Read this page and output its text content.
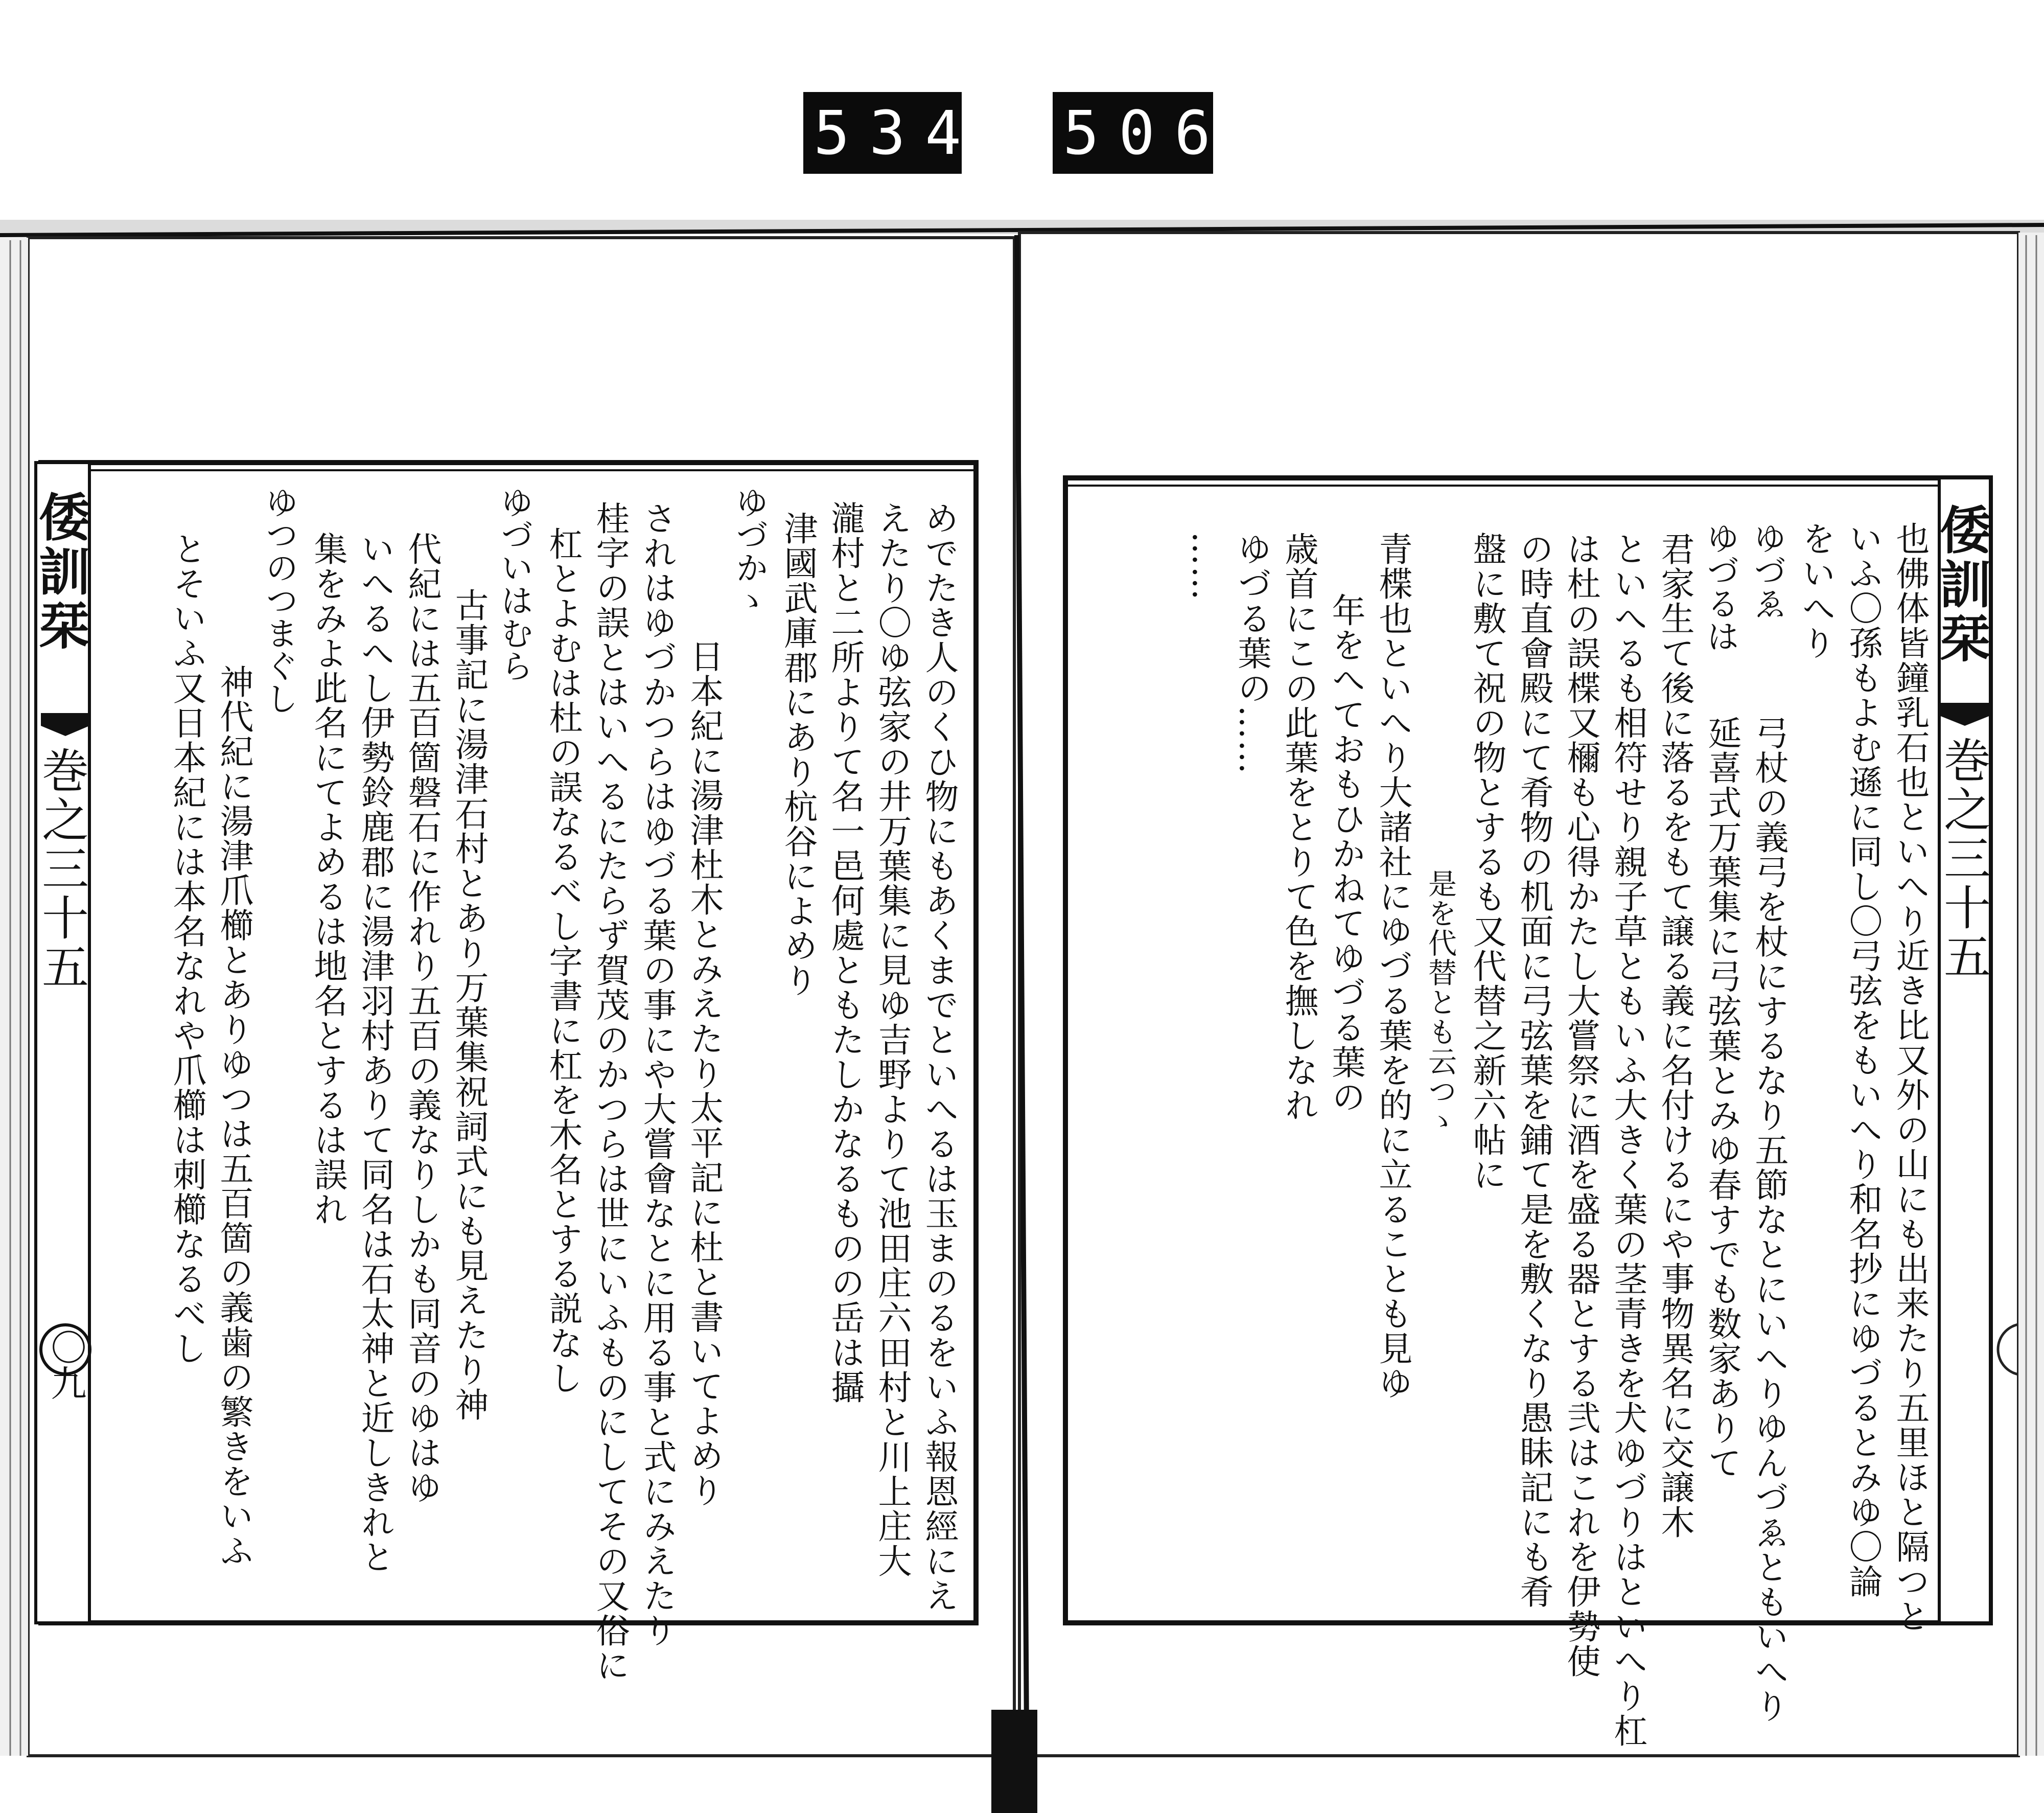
534 506.
倭訓栞
巻之三十五
也佛体皆鐘乳石也といへり近き比又外の山にも出来たり五里ほと隔つと
いふ〇孫もよむ遜に同し〇弓弦をもいへり和名抄にゆづるとみゆ〇論
をいへり
ゆづゑ
ゆづるは
弓杖の義弓を杖にするなり五節なとにいへりゆんづゑともいへり
延喜式万葉集に弓弦葉とみゆ春すでも数家ありて
君家生て後に落るをもて譲る義に名付けるにや事物異名に交譲木
といへるも相符せり親子草ともいふ大きく葉の茎青きを犬ゆづりはといへり杠
は杜の誤楪又檷も心得かたし大嘗祭に酒を盛る器とする弐はこれを伊勢使
の時直會殿にて肴物の机面に弓弦葉を鋪て是を敷くなり愚眛記にも肴
盤に敷て祝の物とするも又代替之新六帖に
是を代替とも云つゝ
青楪也といへり大諸社にゆづる葉を的に立ることも見ゆ
年をへておもひかねてゆづる葉の
歳首にこの此葉をとりて色を撫しなれ
ゆづる葉の……
……
めでたき人のくひ物にもあくまでといへるは玉まのるをいふ報恩經にえ
えたり〇ゆ弦家の井万葉集に見ゆ吉野よりて池田庄六田村と川上庄大
瀧村と二所よりて名一邑何處ともたしかなるものの岳は攝
津國武庫郡にあり杭谷によめり
ゆづかゝ
日本紀に湯津杜木とみえたり太平記に杜と書いてよめり
されはゆづかつらはゆづる葉の事にや大嘗會なとに用る事と式にみえたり
桂字の誤とはいへるにたらず賀茂のかつらは世にいふものにしてその又俗に
杠とよむは杜の誤なるべし字書に杠を木名とする説なし
ゆづいはむら
古事記に湯津石村とあり万葉集祝詞式にも見えたり神
代紀には五百箇磐石に作れり五百の義なりしかも同音のゆはゆ
いへるへし伊勢鈴鹿郡に湯津羽村ありて同名は石太神と近しきれと
集をみよ此名にてよめるは地名とするは誤れ
ゆつのつまぐし
神代紀に湯津爪櫛とありゆつは五百箇の義歯の繁きをいふ
とそいふ又日本紀には本名なれや爪櫛は刺櫛なるべし
倭訓栞
巻之三十五
〇九
